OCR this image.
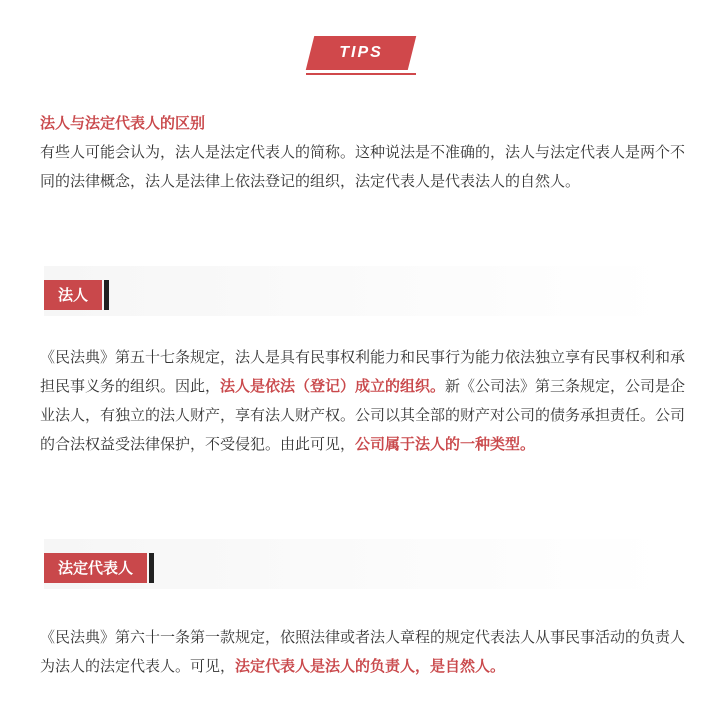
TIPS
法人与法定代表人的区别
有些人可能会认为，法人是法定代表人的简称。这种说法是不准确的，法人与法定代表人是两个不同的法律概念，法人是法律上依法登记的组织，法定代表人是代表法人的自然人。
法人
《民法典》第五十七条规定，法人是具有民事权利能力和民事行为能力依法独立享有民事权利和承担民事义务的组织。因此，法人是依法（登记）成立的组织。新《公司法》第三条规定，公司是企业法人，有独立的法人财产，享有法人财产权。公司以其全部的财产对公司的债务承担责任。公司的合法权益受法律保护，不受侵犯。由此可见，公司属于法人的一种类型。
法定代表人
《民法典》第六十一条第一款规定，依照法律或者法人章程的规定代表法人从事民事活动的负责人为法人的法定代表人。可见，法定代表人是法人的负责人，是自然人。
